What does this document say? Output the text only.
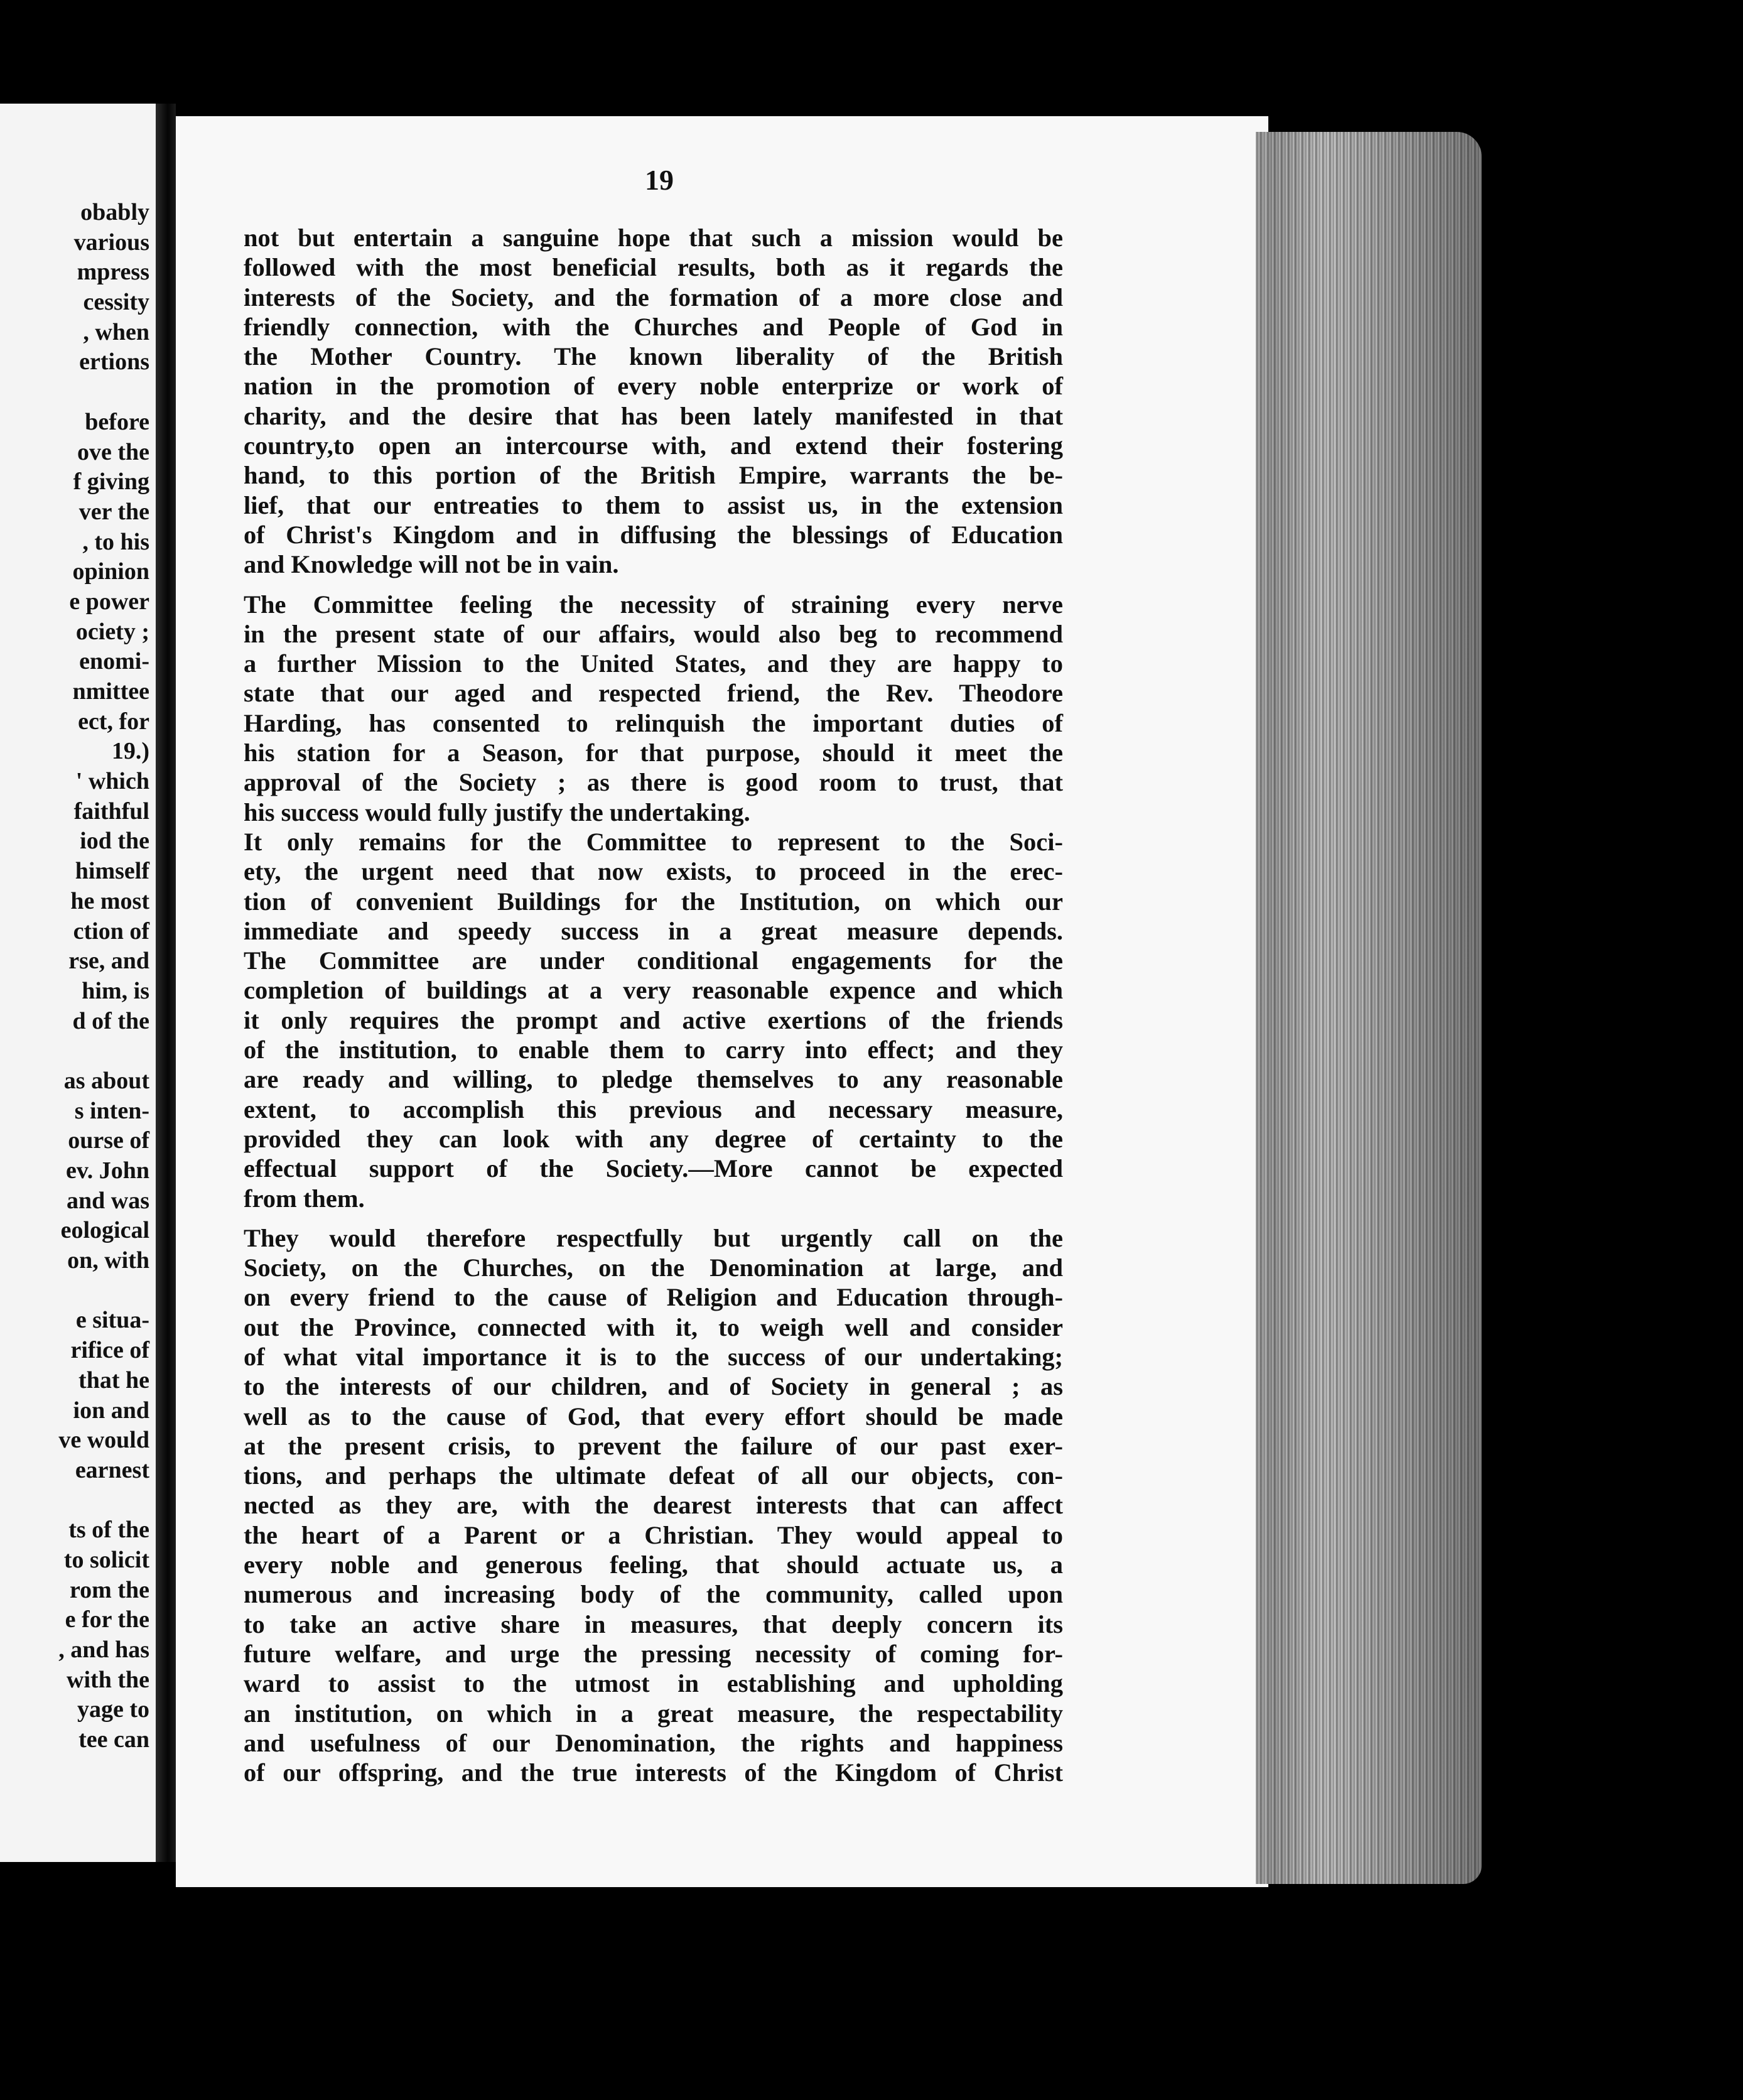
obably
various
mpress
cessity
, when
ertions
before
ove the
f giving
ver the
, to his
opinion
e power
ociety ;
enomi-
nmittee
ect, for
19.)
' which
faithful
iod the
himself
he most
ction of
rse, and
him, is
d of the
as about
s inten-
ourse of
ev. John
and was
eological
on, with
e situa-
rifice of
that he
ion and
ve would
earnest
ts of the
to solicit
rom the
e for the
, and has
with the
yage to
tee can
19
not but entertain a sanguine hope that such a mission would be
followed with the most beneficial results, both as it regards the
interests of the Society, and the formation of a more close and
friendly connection, with the Churches and People of God in
the Mother Country. The known liberality of the British
nation in the promotion of every noble enterprize or work of
charity, and the desire that has been lately manifested in that
country,to open an intercourse with, and extend their fostering
hand, to this portion of the British Empire, warrants the be-
lief, that our entreaties to them to assist us, in the extension
of Christ's Kingdom and in diffusing the blessings of Education
and Knowledge will not be in vain.
The Committee feeling the necessity of straining every nerve
in the present state of our affairs, would also beg to recommend
a further Mission to the United States, and they are happy to
state that our aged and respected friend, the Rev. Theodore
Harding, has consented to relinquish the important duties of
his station for a Season, for that purpose, should it meet the
approval of the Society ; as there is good room to trust, that
his success would fully justify the undertaking.
It only remains for the Committee to represent to the Soci-
ety, the urgent need that now exists, to proceed in the erec-
tion of convenient Buildings for the Institution, on which our
immediate and speedy success in a great measure depends.
The Committee are under conditional engagements for the
completion of buildings at a very reasonable expence and which
it only requires the prompt and active exertions of the friends
of the institution, to enable them to carry into effect; and they
are ready and willing, to pledge themselves to any reasonable
extent, to accomplish this previous and necessary measure,
provided they can look with any degree of certainty to the
effectual support of the Society.—More cannot be expected
from them.
They would therefore respectfully but urgently call on the
Society, on the Churches, on the Denomination at large, and
on every friend to the cause of Religion and Education through-
out the Province, connected with it, to weigh well and consider
of what vital importance it is to the success of our undertaking;
to the interests of our children, and of Society in general ; as
well as to the cause of God, that every effort should be made
at the present crisis, to prevent the failure of our past exer-
tions, and perhaps the ultimate defeat of all our objects, con-
nected as they are, with the dearest interests that can affect
the heart of a Parent or a Christian. They would appeal to
every noble and generous feeling, that should actuate us, a
numerous and increasing body of the community, called upon
to take an active share in measures, that deeply concern its
future welfare, and urge the pressing necessity of coming for-
ward to assist to the utmost in establishing and upholding
an institution, on which in a great measure, the respectability
and usefulness of our Denomination, the rights and happiness
of our offspring, and the true interests of the Kingdom of Christ
